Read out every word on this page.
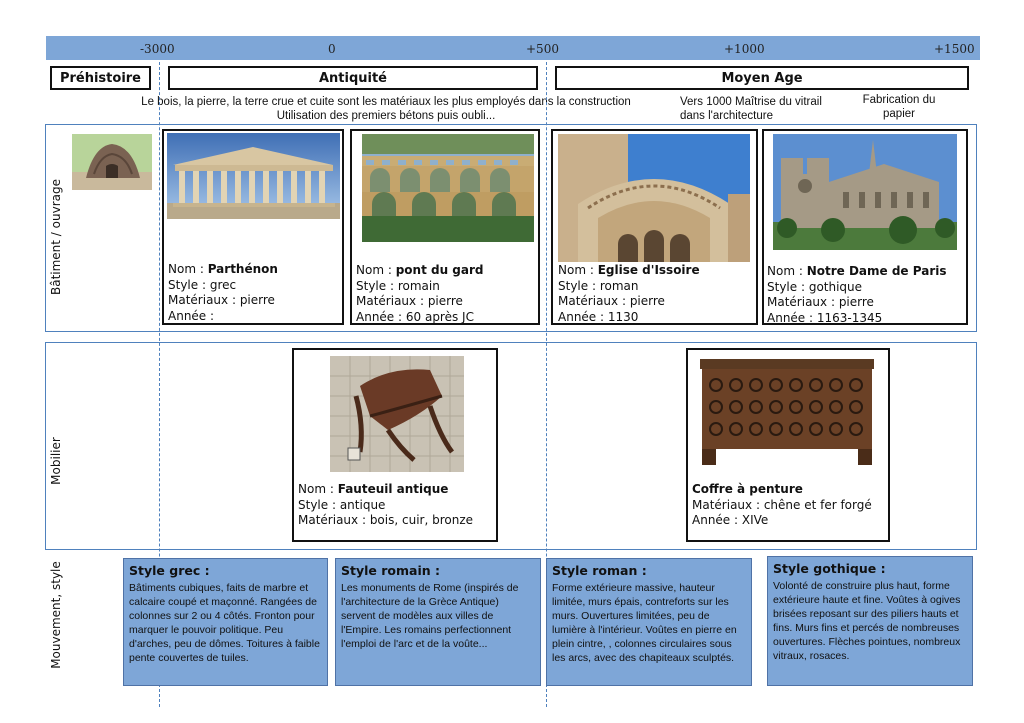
-3000	0	+500	+1000	+1500
Préhistoire	Antiquité	Moyen Age
Le bois, la pierre, la terre crue et cuite sont les matériaux les plus employés dans la construction
Utilisation des premiers bétons puis oubli...
Vers 1000 Maîtrise du vitrail dans l'architecture
Fabrication du papier
Bâtiment / ouvrage
Mobilier
Mouvement, style
Nom : Parthénon
Style : grec
Matériaux : pierre
Année :
Nom : pont du gard
Style : romain
Matériaux : pierre
Année : 60 après JC
Nom : Eglise d'Issoire
Style : roman
Matériaux : pierre
Année : 1130
Nom : Notre Dame de Paris
Style : gothique
Matériaux : pierre
Année : 1163-1345
Nom : Fauteuil antique
Style : antique
Matériaux : bois, cuir, bronze
Coffre à penture
Matériaux : chêne et fer forgé
Année : XIVe
Style grec :

Bâtiments cubiques, faits de marbre et calcaire coupé et maçonné. Rangées de colonnes sur 2 ou 4 côtés. Fronton pour marquer le pouvoir politique. Peu d'arches, peu de dômes. Toitures à faible pente couvertes de tuiles.

Style romain :

Les monuments de Rome (inspirés de l'architecture de la Grèce Antique) servent de modèles aux villes de l'Empire. Les romains perfectionnent l'emploi de l'arc et de la voûte...

Style roman :

Forme extérieure massive, hauteur limitée, murs épais, contreforts sur les murs. Ouvertures limitées, peu de lumière à l'intérieur. Voûtes en pierre en plein cintre, , colonnes circulaires sous les arcs, avec des chapiteaux sculptés.

Style gothique :

Volonté de construire plus haut, forme extérieure haute et fine. Voûtes à ogives brisées reposant sur des piliers hauts et fins. Murs fins et percés de nombreuses ouvertures. Flèches pointues, nombreux vitraux, rosaces.
